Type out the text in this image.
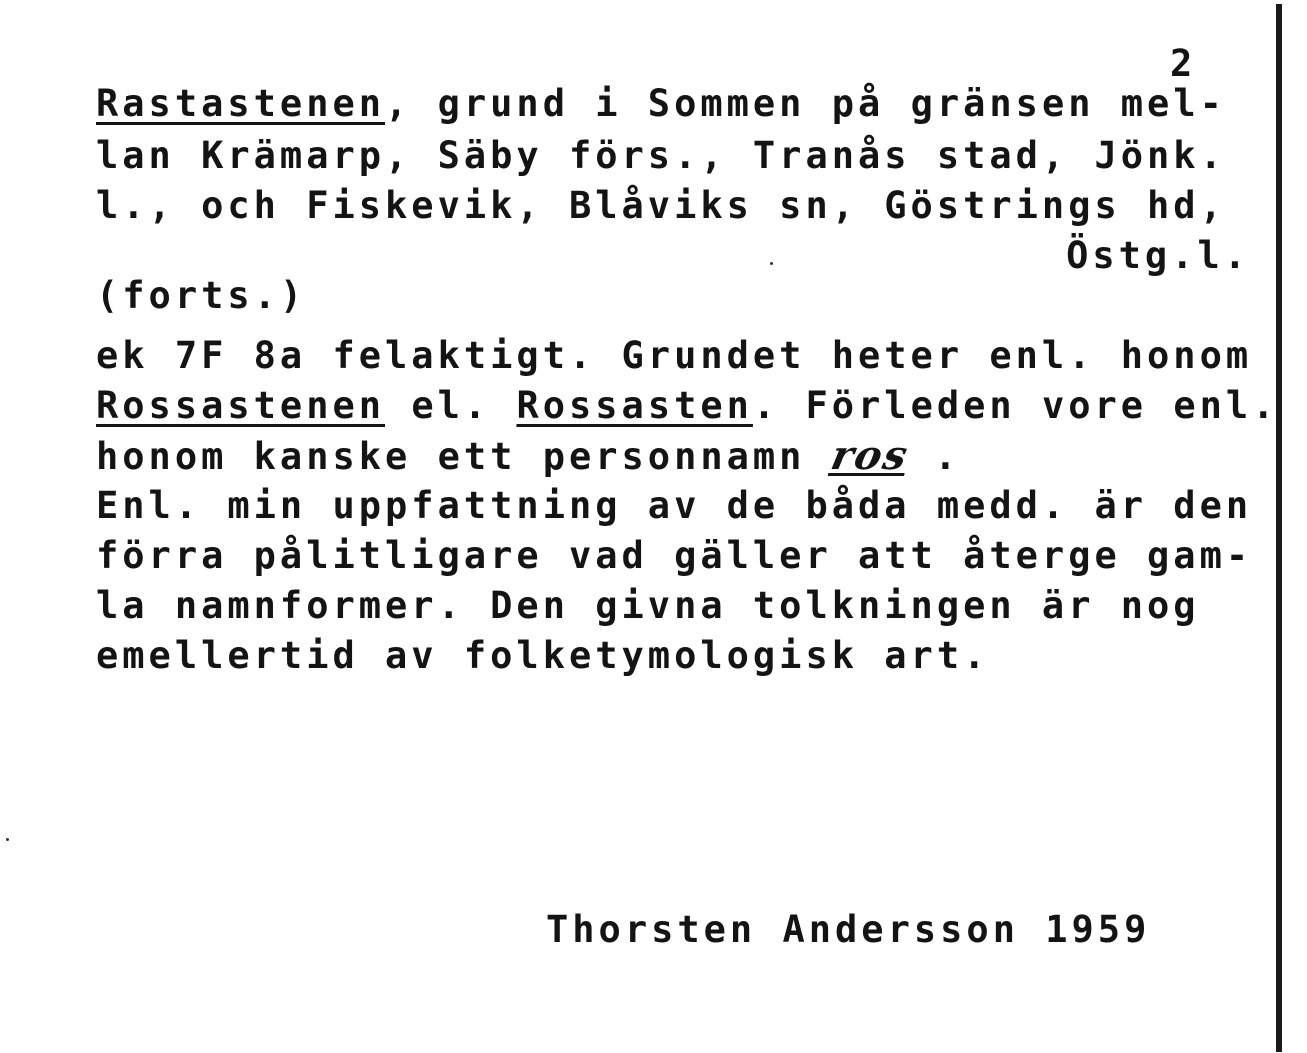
2
Rastastenen, grund i Sommen på gränsen mel-
lan Krämarp, Säby förs., Tranås stad, Jönk.
l., och Fiskevik, Blåviks sn, Göstrings hd,
Östg.l.
(forts.)
ek 7F 8a felaktigt. Grundet heter enl. honom
Rossastenen el. Rossasten. Förleden vore enl.
honom kanske ett personnamn ros .
Enl. min uppfattning av de båda medd. är den
förra pålitligare vad gäller att återge gam-
la namnformer. Den givna tolkningen är nog
emellertid av folketymologisk art.
Thorsten Andersson 1959
